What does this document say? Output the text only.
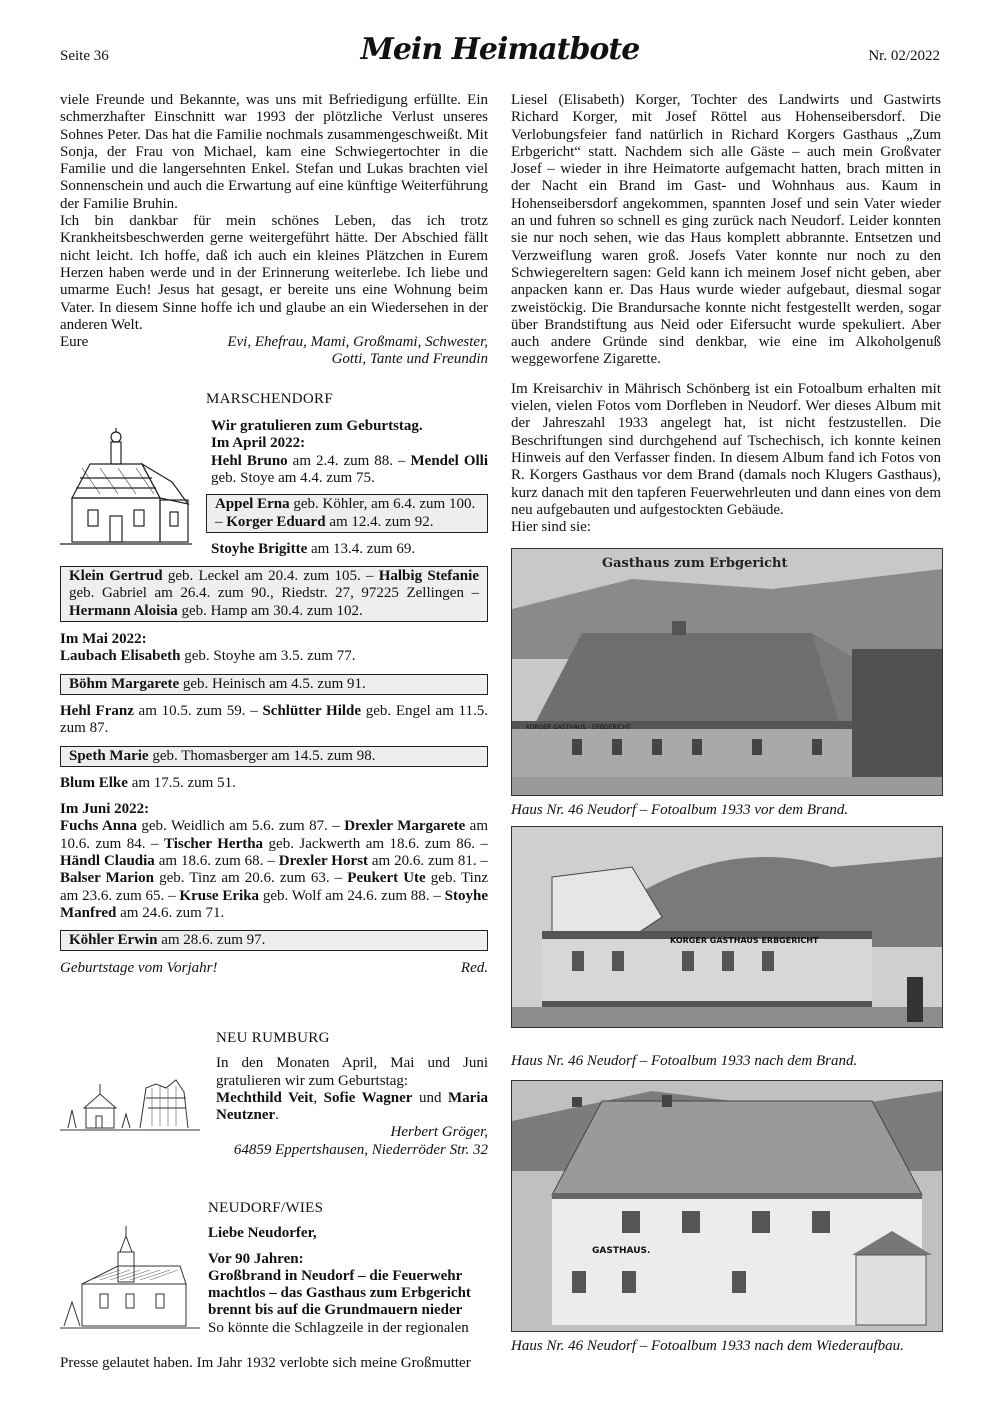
Seite 36	Mein Heimatbote	Nr. 02/2022

viele Freunde und Bekannte, was uns mit Befriedigung erfüllte. Ein schmerzhafter Einschnitt war 1993 der plötzliche Verlust unseres Sohnes Peter. Das hat die Familie nochmals zusammengeschweißt. Mit Sonja, der Frau von Michael, kam eine Schwiegertochter in die Familie und die langersehnten Enkel. Stefan und Lukas brachten viel Sonnenschein und auch die Erwartung auf eine künftige Weiterführung der Familie Bruhin.

Ich bin dankbar für mein schönes Leben, das ich trotz Krankheitsbeschwerden gerne weitergeführt hätte. Der Abschied fällt nicht leicht. Ich hoffe, daß ich auch ein kleines Plätzchen in Eurem Herzen haben werde und in der Erinnerung weiterlebe. Ich liebe und umarme Euch! Jesus hat gesagt, er bereite uns eine Wohnung beim Vater. In diesem Sinne hoffe ich und glaube an ein Wiedersehen in der anderen Welt.

Eure	Evi, Ehefrau, Mami, Großmami, Schwester, Gotti, Tante und Freundin
MARSCHENDORF
Wir gratulieren zum Geburtstag.
Im April 2022:

Hehl Bruno am 2.4. zum 88. – Mendel Olli geb. Stoye am 4.4. zum 75.

Appel Erna geb. Köhler, am 6.4. zum 100. – Korger Eduard am 12.4. zum 92.

Stoyhe Brigitte am 13.4. zum 69.

Klein Gertrud geb. Leckel am 20.4. zum 105. – Halbig Stefanie geb. Gabriel am 26.4. zum 90., Riedstr. 27, 97225 Zellingen – Hermann Aloisia geb. Hamp am 30.4. zum 102.

Im Mai 2022:

Laubach Elisabeth geb. Stoyhe am 3.5. zum 77.

Böhm Margarete geb. Heinisch am 4.5. zum 91.

Hehl Franz am 10.5. zum 59. – Schlütter Hilde geb. Engel am 11.5. zum 87.

Speth Marie geb. Thomasberger am 14.5. zum 98.

Blum Elke am 17.5. zum 51.

Im Juni 2022:

Fuchs Anna geb. Weidlich am 5.6. zum 87. – Drexler Margarete am 10.6. zum 84. – Tischer Hertha geb. Jackwerth am 18.6. zum 86. – Händl Claudia am 18.6. zum 68. – Drexler Horst am 20.6. zum 81. – Balser Marion geb. Tinz am 20.6. zum 63. – Peukert Ute geb. Tinz am 23.6. zum 65. – Kruse Erika geb. Wolf am 24.6. zum 88. – Stoyhe Manfred am 24.6. zum 71.

Köhler Erwin am 28.6. zum 97.
Geburtstage vom Vorjahr!	Red.
NEU RUMBURG

In den Monaten April, Mai und Juni gratulieren wir zum Geburtstag:

Mechthild Veit, Sofie Wagner und Maria Neutzner.

Herbert Gröger,
64859 Eppertshausen, Niederröder Str. 32
NEUDORF/WIES
Liebe Neudorfer,
Vor 90 Jahren:

Großbrand in Neudorf – die Feuerwehr machtlos – das Gasthaus zum Erbgericht brennt bis auf die Grundmauern nieder

So könnte die Schlagzeile in der regionalen

Presse gelautet haben. Im Jahr 1932 verlobte sich meine Großmutter

Liesel (Elisabeth) Korger, Tochter des Landwirts und Gastwirts Richard Korger, mit Josef Röttel aus Hohenseibersdorf. Die Verlobungsfeier fand natürlich in Richard Korgers Gasthaus „Zum Erbgericht“ statt. Nachdem sich alle Gäste – auch mein Großvater Josef – wieder in ihre Heimatorte aufgemacht hatten, brach mitten in der Nacht ein Brand im Gast- und Wohnhaus aus. Kaum in Hohenseibersdorf angekommen, spannten Josef und sein Vater wieder an und fuhren so schnell es ging zurück nach Neudorf. Leider konnten sie nur noch sehen, wie das Haus komplett abbrannte. Entsetzen und Verzweiflung waren groß. Josefs Vater konnte nur noch zu den Schwiegereltern sagen: Geld kann ich meinem Josef nicht geben, aber anpacken kann er. Das Haus wurde wieder aufgebaut, diesmal sogar zweistöckig. Die Brandursache konnte nicht festgestellt werden, sogar über Brandstiftung aus Neid oder Eifersucht wurde spekuliert. Aber auch andere Gründe sind denkbar, wie eine im Alkoholgenuß weggeworfene Zigarette.

Im Kreisarchiv in Mährisch Schönberg ist ein Fotoalbum erhalten mit vielen, vielen Fotos vom Dorfleben in Neudorf. Wer dieses Album mit der Jahreszahl 1933 angelegt hat, ist nicht festzustellen. Die Beschriftungen sind durchgehend auf Tschechisch, ich konnte keinen Hinweis auf den Verfasser finden. In diesem Album fand ich Fotos von R. Korgers Gasthaus vor dem Brand (damals noch Klugers Gasthaus), kurz danach mit den tapferen Feuerwehrleuten und dann eines von dem neu aufgebauten und aufgestockten Gebäude.

Hier sind sie:

Gasthaus zum Erbgericht
KORGER GASTHAUS - ERBGERICHT
Haus Nr. 46 Neudorf – Fotoalbum 1933 vor dem Brand.
KORGER GASTHAUS ERBGERICHT
Haus Nr. 46 Neudorf – Fotoalbum 1933 nach dem Brand.
GASTHAUS.
Haus Nr. 46 Neudorf – Fotoalbum 1933 nach dem Wiederaufbau.
